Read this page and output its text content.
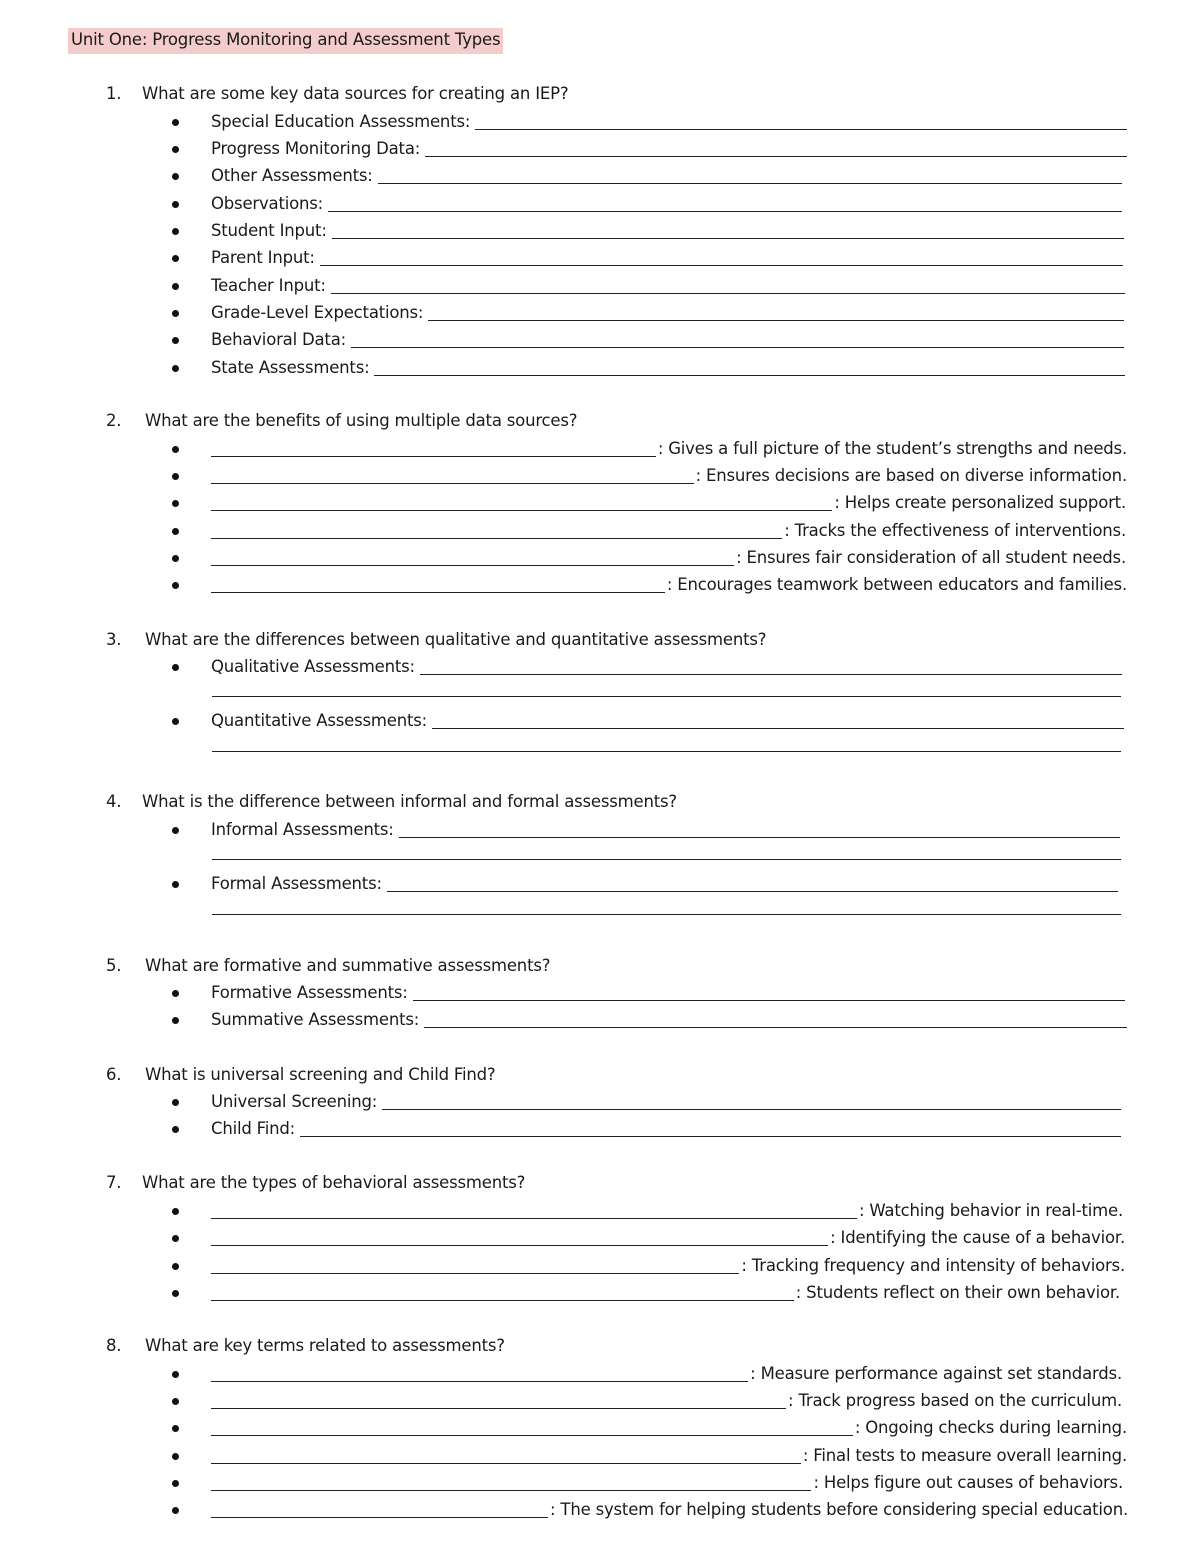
Unit One: Progress Monitoring and Assessment Types
1.	What are some key data sources for creating an IEP?
Special Education Assessments:
Progress Monitoring Data:
Other Assessments:
Observations:
Student Input:
Parent Input:
Teacher Input:
Grade-Level Expectations:
Behavioral Data:
State Assessments:
2.	What are the benefits of using multiple data sources?
: Gives a full picture of the student’s strengths and needs.
: Ensures decisions are based on diverse information.
: Helps create personalized support.
: Tracks the effectiveness of interventions.
: Ensures fair consideration of all student needs.
: Encourages teamwork between educators and families.
3.	What are the differences between qualitative and quantitative assessments?
Qualitative Assessments:
Quantitative Assessments:
4.	What is the difference between informal and formal assessments?
Informal Assessments:
Formal Assessments:
5.	What are formative and summative assessments?
Formative Assessments:
Summative Assessments:
6.	What is universal screening and Child Find?
Universal Screening:
Child Find:
7.	What are the types of behavioral assessments?
: Watching behavior in real-time.
: Identifying the cause of a behavior.
: Tracking frequency and intensity of behaviors.
: Students reflect on their own behavior.
8.	What are key terms related to assessments?
: Measure performance against set standards.
: Track progress based on the curriculum.
: Ongoing checks during learning.
: Final tests to measure overall learning.
: Helps figure out causes of behaviors.
: The system for helping students before considering special education.
